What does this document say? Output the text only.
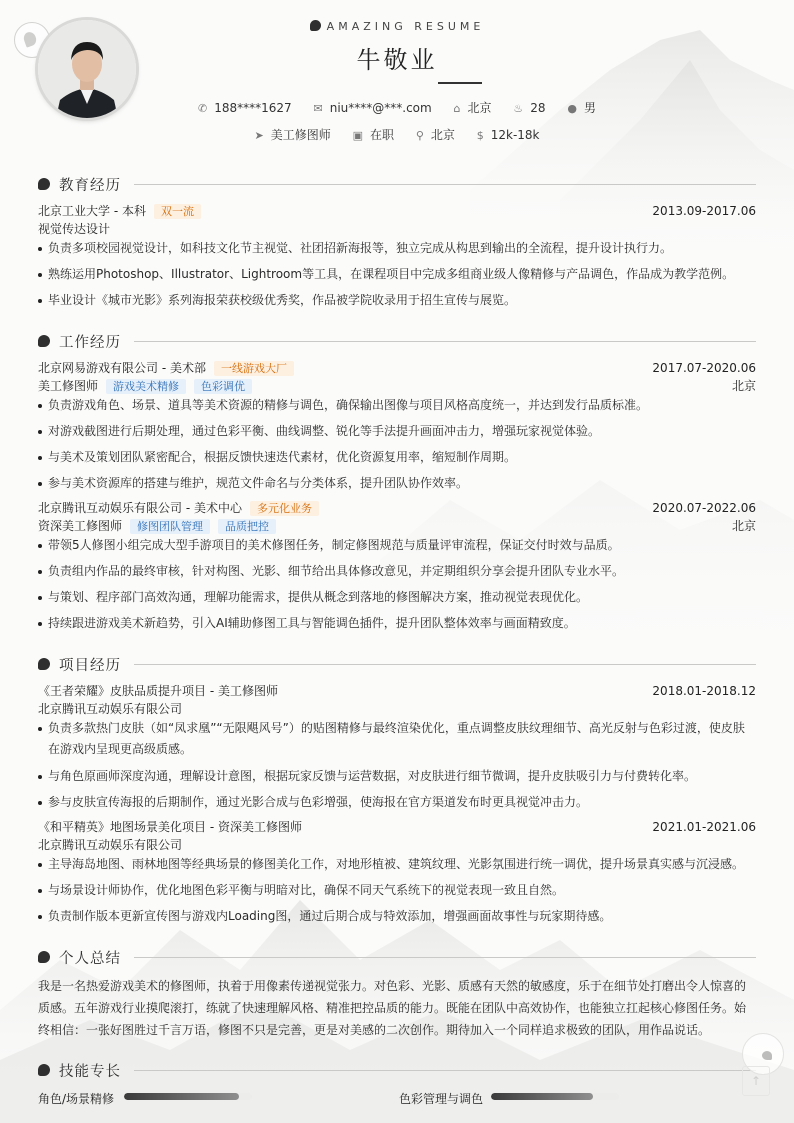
AMAZING RESUME
牛敬业
✆ 188****1627 ✉ niu****@***.com ⌂ 北京 ♨ 28 ● 男
➤ 美工修图师 ▣ 在职 ⚲ 北京 $ 12k-18k
教育经历
北京工业大学 - 本科 双一流	2013.09-2017.06
视觉传达设计
负责多项校园视觉设计，如科技文化节主视觉、社团招新海报等，独立完成从构思到输出的全流程，提升设计执行力。
熟练运用Photoshop、Illustrator、Lightroom等工具，在课程项目中完成多组商业级人像精修与产品调色，作品成为教学范例。
毕业设计《城市光影》系列海报荣获校级优秀奖，作品被学院收录用于招生宣传与展览。
工作经历
北京网易游戏有限公司 - 美术部 一线游戏大厂	2017.07-2020.06
美工修图师 游戏美术精修 色彩调优	北京
负责游戏角色、场景、道具等美术资源的精修与调色，确保输出图像与项目风格高度统一，并达到发行品质标准。
对游戏截图进行后期处理，通过色彩平衡、曲线调整、锐化等手法提升画面冲击力，增强玩家视觉体验。
与美术及策划团队紧密配合，根据反馈快速迭代素材，优化资源复用率，缩短制作周期。
参与美术资源库的搭建与维护，规范文件命名与分类体系，提升团队协作效率。
北京腾讯互动娱乐有限公司 - 美术中心 多元化业务	2020.07-2022.06
资深美工修图师 修图团队管理 品质把控	北京
带领5人修图小组完成大型手游项目的美术修图任务，制定修图规范与质量评审流程，保证交付时效与品质。
负责组内作品的最终审核，针对构图、光影、细节给出具体修改意见，并定期组织分享会提升团队专业水平。
与策划、程序部门高效沟通，理解功能需求，提供从概念到落地的修图解决方案，推动视觉表现优化。
持续跟进游戏美术新趋势，引入AI辅助修图工具与智能调色插件，提升团队整体效率与画面精致度。
项目经历
《王者荣耀》皮肤品质提升项目 - 美工修图师	2018.01-2018.12
北京腾讯互动娱乐有限公司
负责多款热门皮肤（如“凤求凰”“无限飓风号”）的贴图精修与最终渲染优化，重点调整皮肤纹理细节、高光反射与色彩过渡，使皮肤在游戏内呈现更高级质感。
与角色原画师深度沟通，理解设计意图，根据玩家反馈与运营数据，对皮肤进行细节微调，提升皮肤吸引力与付费转化率。
参与皮肤宣传海报的后期制作，通过光影合成与色彩增强，使海报在官方渠道发布时更具视觉冲击力。
《和平精英》地图场景美化项目 - 资深美工修图师	2021.01-2021.06
北京腾讯互动娱乐有限公司
主导海岛地图、雨林地图等经典场景的修图美化工作，对地形植被、建筑纹理、光影氛围进行统一调优，提升场景真实感与沉浸感。
与场景设计师协作，优化地图色彩平衡与明暗对比，确保不同天气系统下的视觉表现一致且自然。
负责制作版本更新宣传图与游戏内Loading图，通过后期合成与特效添加，增强画面故事性与玩家期待感。
个人总结
我是一名热爱游戏美术的修图师，执着于用像素传递视觉张力。对色彩、光影、质感有天然的敏感度，乐于在细节处打磨出令人惊喜的质感。五年游戏行业摸爬滚打，练就了快速理解风格、精准把控品质的能力。既能在团队中高效协作，也能独立扛起核心修图任务。始终相信：一张好图胜过千言万语，修图不只是完善，更是对美感的二次创作。期待加入一个同样追求极致的团队，用作品说话。
技能专长
角色/场景精修	色彩管理与调色
↑
